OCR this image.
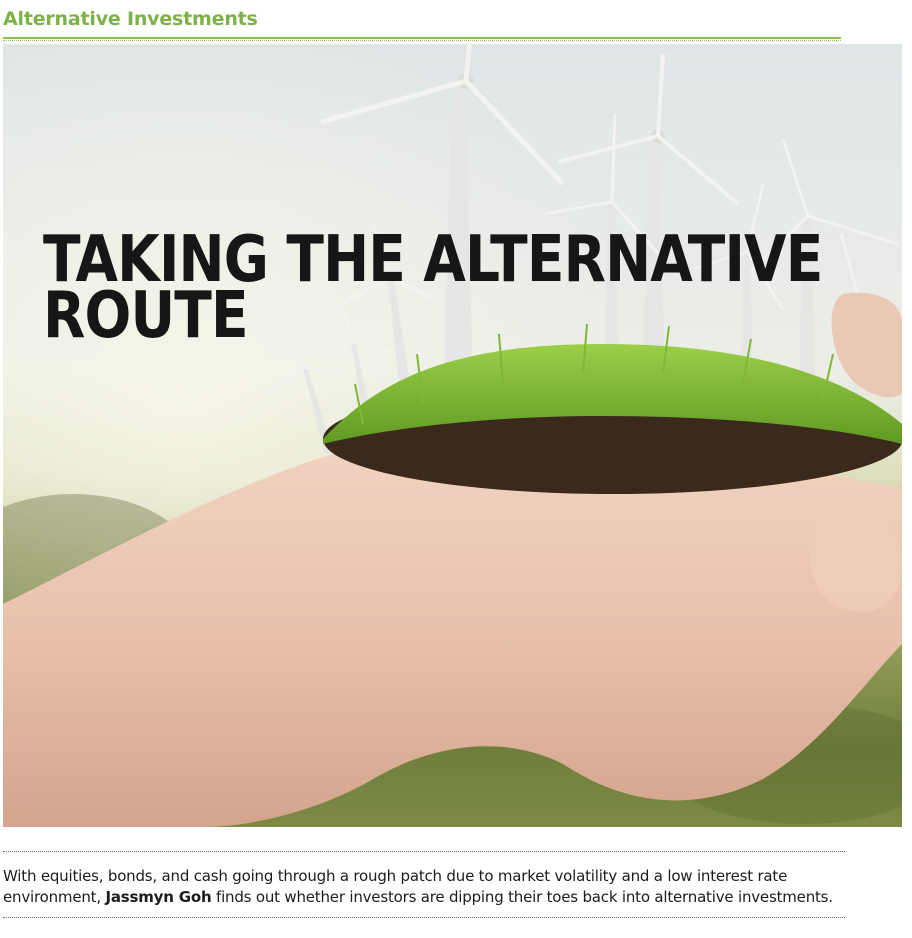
Alternative Investments
TAKING THE ALTERNATIVE
ROUTE

With equities, bonds, and cash going through a rough patch due to market volatility and a low interest rate environment, Jassmyn Goh finds out whether investors are dipping their toes back into alternative investments.
